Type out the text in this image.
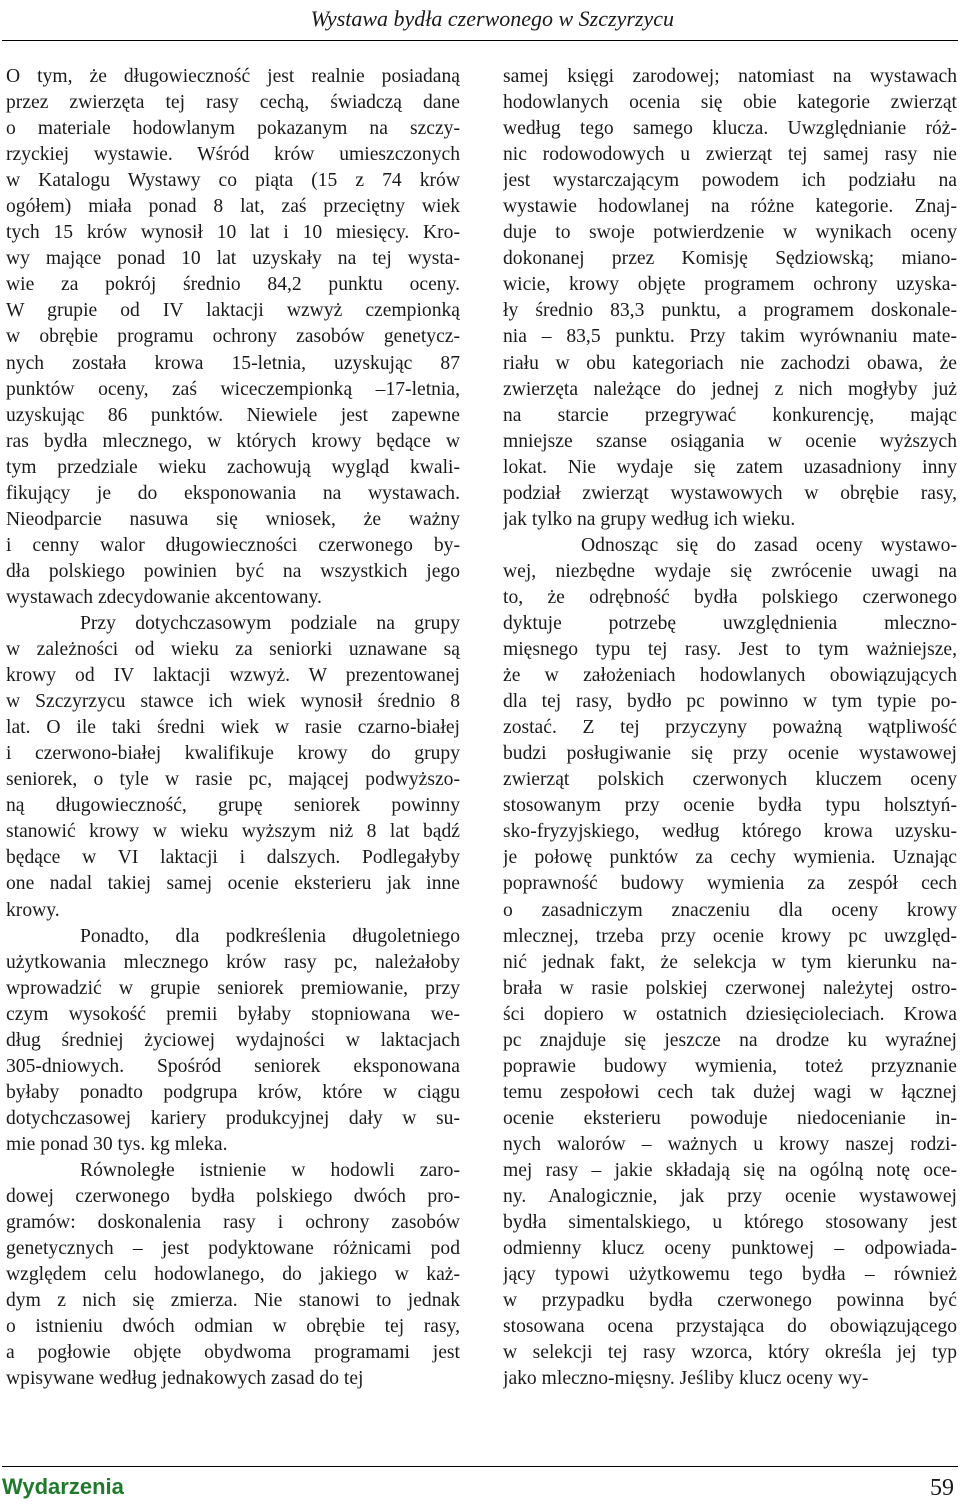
Wystawa bydła czerwonego w Szczyrzycu
O tym, że długowieczność jest realnie posiadaną
przez zwierzęta tej rasy cechą, świadczą dane
o materiale hodowlanym pokazanym na szczy-
rzyckiej wystawie. Wśród krów umieszczonych
w Katalogu Wystawy co piąta (15 z 74 krów
ogółem) miała ponad 8 lat, zaś przeciętny wiek
tych 15 krów wynosił 10 lat i 10 miesięcy. Kro-
wy mające ponad 10 lat uzyskały na tej wysta-
wie za pokrój średnio 84,2 punktu oceny.
W grupie od IV laktacji wzwyż czempionką
w obrębie programu ochrony zasobów genetycz-
nych została krowa 15-letnia, uzyskując 87
punktów oceny, zaś wiceczempionką –17-letnia,
uzyskując 86 punktów. Niewiele jest zapewne
ras bydła mlecznego, w których krowy będące w
tym przedziale wieku zachowują wygląd kwali-
fikujący je do eksponowania na wystawach.
Nieodparcie nasuwa się wniosek, że ważny
i cenny walor długowieczności czerwonego by-
dła polskiego powinien być na wszystkich jego
wystawach zdecydowanie akcentowany.
Przy dotychczasowym podziale na grupy
w zależności od wieku za seniorki uznawane są
krowy od IV laktacji wzwyż. W prezentowanej
w Szczyrzycu stawce ich wiek wynosił średnio 8
lat. O ile taki średni wiek w rasie czarno-białej
i czerwono-białej kwalifikuje krowy do grupy
seniorek, o tyle w rasie pc, mającej podwyższo-
ną długowieczność, grupę seniorek powinny
stanowić krowy w wieku wyższym niż 8 lat bądź
będące w VI laktacji i dalszych. Podlegałyby
one nadal takiej samej ocenie eksterieru jak inne
krowy.
Ponadto, dla podkreślenia długoletniego
użytkowania mlecznego krów rasy pc, należałoby
wprowadzić w grupie seniorek premiowanie, przy
czym wysokość premii byłaby stopniowana we-
dług średniej życiowej wydajności w laktacjach
305-dniowych. Spośród seniorek eksponowana
byłaby ponadto podgrupa krów, które w ciągu
dotychczasowej kariery produkcyjnej dały w su-
mie ponad 30 tys. kg mleka.
Równoległe istnienie w hodowli zaro-
dowej czerwonego bydła polskiego dwóch pro-
gramów: doskonalenia rasy i ochrony zasobów
genetycznych – jest podyktowane różnicami pod
względem celu hodowlanego, do jakiego w każ-
dym z nich się zmierza. Nie stanowi to jednak
o istnieniu dwóch odmian w obrębie tej rasy,
a pogłowie objęte obydwoma programami jest
wpisywane według jednakowych zasad do tej
samej księgi zarodowej; natomiast na wystawach
hodowlanych ocenia się obie kategorie zwierząt
według tego samego klucza. Uwzględnianie róż-
nic rodowodowych u zwierząt tej samej rasy nie
jest wystarczającym powodem ich podziału na
wystawie hodowlanej na różne kategorie. Znaj-
duje to swoje potwierdzenie w wynikach oceny
dokonanej przez Komisję Sędziowską; miano-
wicie, krowy objęte programem ochrony uzyska-
ły średnio 83,3 punktu, a programem doskonale-
nia – 83,5 punktu. Przy takim wyrównaniu mate-
riału w obu kategoriach nie zachodzi obawa, że
zwierzęta należące do jednej z nich mogłyby już
na starcie przegrywać konkurencję, mając
mniejsze szanse osiągania w ocenie wyższych
lokat. Nie wydaje się zatem uzasadniony inny
podział zwierząt wystawowych w obrębie rasy,
jak tylko na grupy według ich wieku.
Odnosząc się do zasad oceny wystawo-
wej, niezbędne wydaje się zwrócenie uwagi na
to, że odrębność bydła polskiego czerwonego
dyktuje potrzebę uwzględnienia mleczno-
mięsnego typu tej rasy. Jest to tym ważniejsze,
że w założeniach hodowlanych obowiązujących
dla tej rasy, bydło pc powinno w tym typie po-
zostać. Z tej przyczyny poważną wątpliwość
budzi posługiwanie się przy ocenie wystawowej
zwierząt polskich czerwonych kluczem oceny
stosowanym przy ocenie bydła typu holsztyń-
sko-fryzyjskiego, według którego krowa uzysku-
je połowę punktów za cechy wymienia. Uznając
poprawność budowy wymienia za zespół cech
o zasadniczym znaczeniu dla oceny krowy
mlecznej, trzeba przy ocenie krowy pc uwzględ-
nić jednak fakt, że selekcja w tym kierunku na-
brała w rasie polskiej czerwonej należytej ostro-
ści dopiero w ostatnich dziesięcioleciach. Krowa
pc znajduje się jeszcze na drodze ku wyraźnej
poprawie budowy wymienia, toteż przyznanie
temu zespołowi cech tak dużej wagi w łącznej
ocenie eksterieru powoduje niedocenianie in-
nych walorów – ważnych u krowy naszej rodzi-
mej rasy – jakie składają się na ogólną notę oce-
ny. Analogicznie, jak przy ocenie wystawowej
bydła simentalskiego, u którego stosowany jest
odmienny klucz oceny punktowej – odpowiada-
jący typowi użytkowemu tego bydła – również
w przypadku bydła czerwonego powinna być
stosowana ocena przystająca do obowiązującego
w selekcji tej rasy wzorca, który określa jej typ
jako mleczno-mięsny. Jeśliby klucz oceny wy-
Wydarzenia	59
